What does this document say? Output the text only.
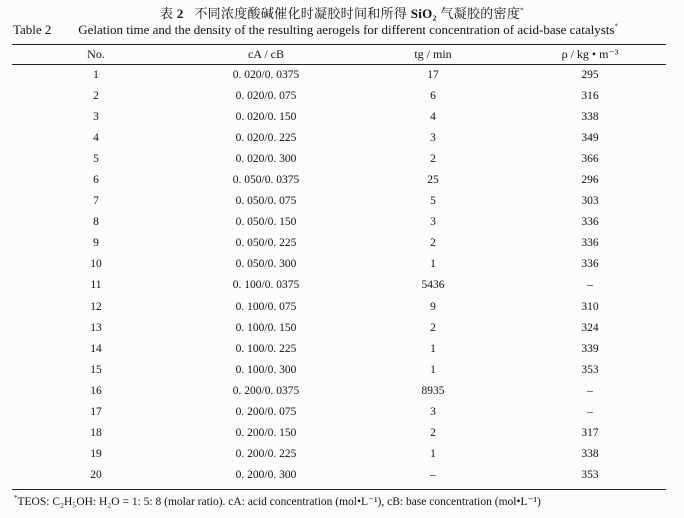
表 2 不同浓度酸碱催化时凝胶时间和所得 SiO₂ 气凝胶的密度*
Table 2 Gelation time and the density of the resulting aerogels for different concentration of acid-base catalysts*
No.	cA / cB	tg / min	ρ / kg • m⁻³
1	0. 020/0. 0375	17	295
2	0. 020/0. 075	6	316
3	0. 020/0. 150	4	338
4	0. 020/0. 225	3	349
5	0. 020/0. 300	2	366
6	0. 050/0. 0375	25	296
7	0. 050/0. 075	5	303
8	0. 050/0. 150	3	336
9	0. 050/0. 225	2	336
10	0. 050/0. 300	1	336
11	0. 100/0. 0375	5436	–
12	0. 100/0. 075	9	310
13	0. 100/0. 150	2	324
14	0. 100/0. 225	1	339
15	0. 100/0. 300	1	353
16	0. 200/0. 0375	8935	–
17	0. 200/0. 075	3	–
18	0. 200/0. 150	2	317
19	0. 200/0. 225	1	338
20	0. 200/0. 300	–	353
*TEOS: C₂H₅OH: H₂O = 1: 5: 8 (molar ratio). cA: acid concentration (mol•L⁻¹), cB: base concentration (mol•L⁻¹)
